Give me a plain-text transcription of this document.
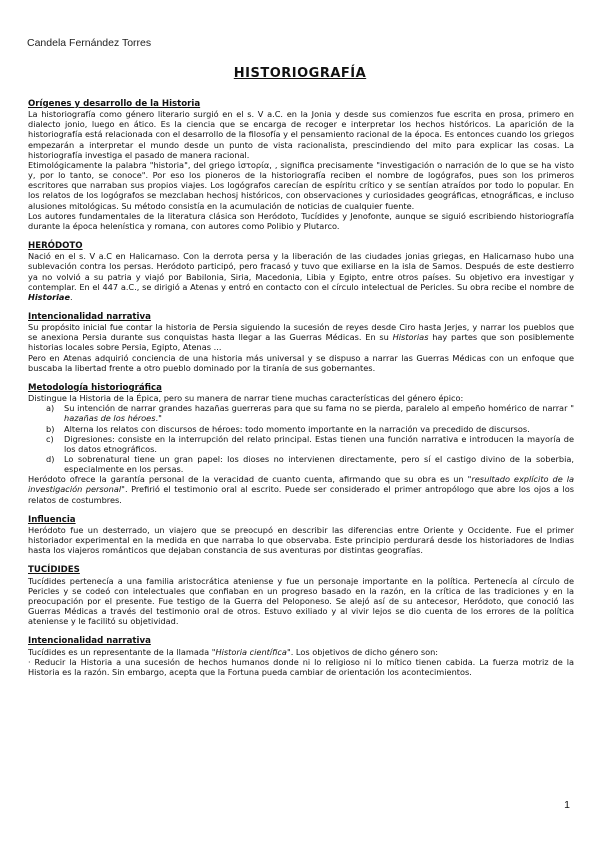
Candela Fernández Torres
HISTORIOGRAFÍA
Orígenes y desarrollo de la Historia

La historiografía como género literario surgió en el s. V a.C. en la Jonia y desde sus comienzos fue escrita en prosa, primero en dialecto jonio, luego en ático. Es la ciencia que se encarga de recoger e interpretar los hechos históricos. La aparición de la historiografía está relacionada con el desarrollo de la filosofía y el pensamiento racional de la época. Es entonces cuando los griegos empezarán a interpretar el mundo desde un punto de vista racionalista, prescindiendo del mito para explicar las cosas. La historiografía investiga el pasado de manera racional.

Etimológicamente la palabra "historia", del griego ἱστορία, , significa precisamente "investigación o narración de lo que se ha visto y, por lo tanto, se conoce". Por eso los pioneros de la historiografía reciben el nombre de logógrafos, pues son los primeros escritores que narraban sus propios viajes. Los logógrafos carecían de espíritu crítico y se sentían atraídos por todo lo popular. En los relatos de los logógrafos se mezclaban hechosj históricos, con observaciones y curiosidades geográficas, etnográficas, e incluso alusiones mitológicas. Su método consistía en la acumulación de noticias de cualquier fuente.

Los autores fundamentales de la literatura clásica son Heródoto, Tucídides y Jenofonte, aunque se siguió escribiendo historiografía durante la época helenística y romana, con autores como Polibio y Plutarco.

HERÓDOTO

Nació en el s. V a.C en Halicarnaso. Con la derrota persa y la liberación de las ciudades jonias griegas, en Halicarnaso hubo una sublevación contra los persas. Heródoto participó, pero fracasó y tuvo que exiliarse en la isla de Samos. Después de este destierro ya no volvió a su patria y viajó por Babilonia, Siria, Macedonia, Libia y Egipto, entre otros países. Su objetivo era investigar y contemplar. En el 447 a.C., se dirigió a Atenas y entró en contacto con el círculo intelectual de Pericles. Su obra recibe el nombre de Historiae.

Intencionalidad narrativa

Su propósito inicial fue contar la historia de Persia siguiendo la sucesión de reyes desde Ciro hasta Jerjes, y narrar los pueblos que se anexiona Persia durante sus conquistas hasta llegar a las Guerras Médicas. En su Historias hay partes que son posiblemente historias locales sobre Persia, Egipto, Atenas ...

Pero en Atenas adquirió conciencia de una historia más universal y se dispuso a narrar las Guerras Médicas con un enfoque que buscaba la libertad frente a otro pueblo dominado por la tiranía de sus gobernantes.

Metodología historiográfica

Distingue la Historia de la Épica, pero su manera de narrar tiene muchas características del género épico:

a) Su intención de narrar grandes hazañas guerreras para que su fama no se pierda, paralelo al empeño homérico de narrar " hazañas de los héroes."
b) Alterna los relatos con discursos de héroes: todo momento importante en la narración va precedido de discursos.
c) Digresiones: consiste en la interrupción del relato principal. Estas tienen una función narrativa e introducen la mayoría de los datos etnográficos.
d) Lo sobrenatural tiene un gran papel: los dioses no intervienen directamente, pero sí el castigo divino de la soberbia, especialmente en los persas.

Heródoto ofrece la garantía personal de la veracidad de cuanto cuenta, afirmando que su obra es un "resultado explícito de la investigación personal". Prefirió el testimonio oral al escrito. Puede ser considerado el primer antropólogo que abre los ojos a los relatos de costumbres.

Influencia

Heródoto fue un desterrado, un viajero que se preocupó en describir las diferencias entre Oriente y Occidente. Fue el primer historiador experimental en la medida en que narraba lo que observaba. Este principio perdurará desde los historiadores de Indias hasta los viajeros románticos que dejaban constancia de sus aventuras por distintas geografías.

TUCÍDIDES

Tucídides pertenecía a una familia aristocrática ateniense y fue un personaje importante en la política. Pertenecía al círculo de Pericles y se codeó con intelectuales que confiaban en un progreso basado en la razón, en la crítica de las tradiciones y en la preocupación por el presente. Fue testigo de la Guerra del Peloponeso. Se alejó así de su antecesor, Heródoto, que conoció las Guerras Médicas a través del testimonio oral de otros. Estuvo exiliado y al vivir lejos se dio cuenta de los errores de la política ateniense y le facilitó su objetividad.

Intencionalidad narrativa

Tucídides es un representante de la llamada "Historia científica". Los objetivos de dicho género son:

· Reducir la Historia a una sucesión de hechos humanos donde ni lo religioso ni lo mítico tienen cabida. La fuerza motriz de la Historia es la razón. Sin embargo, acepta que la Fortuna pueda cambiar de orientación los acontecimientos.

1
